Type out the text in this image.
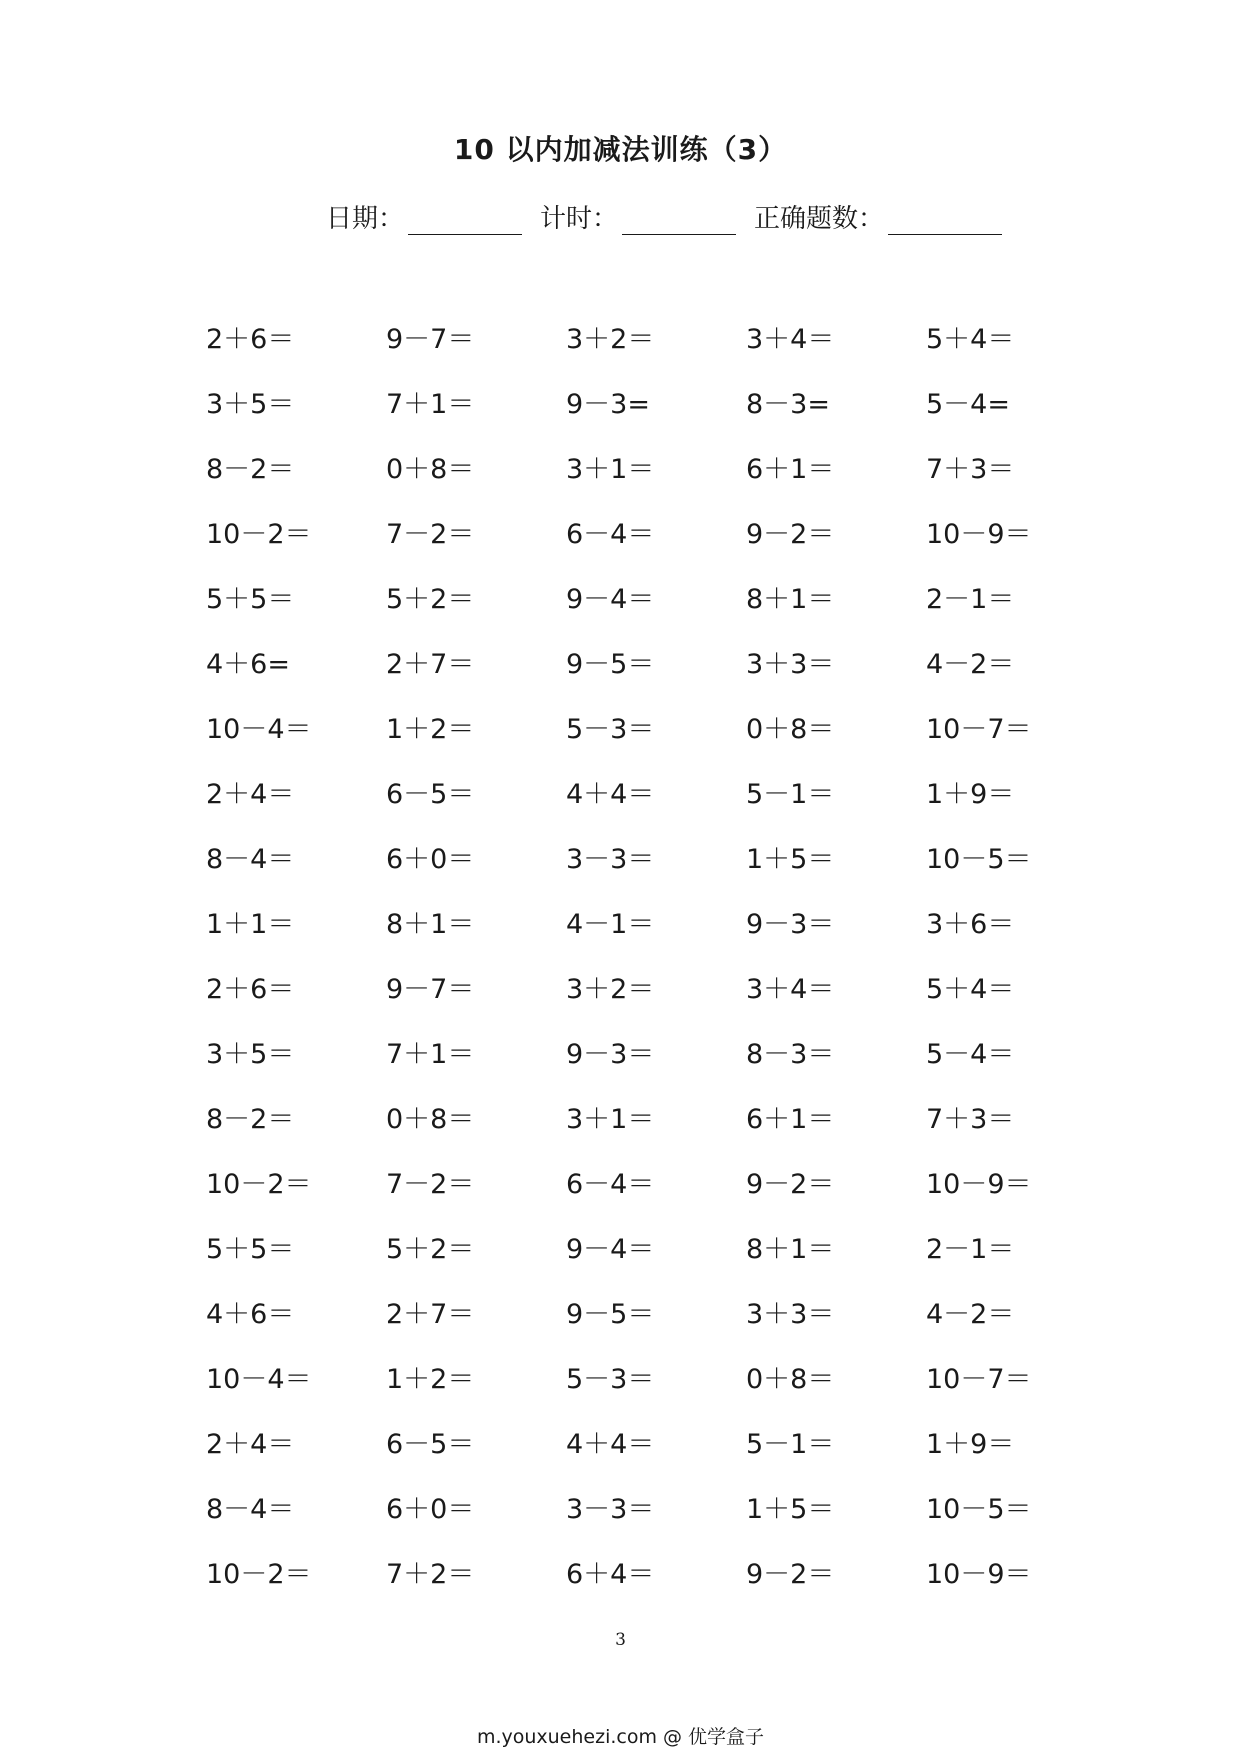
10 以内加减法训练（3）
日期：	计时：	正确题数：
2＋6＝	9－7＝	3＋2＝	3＋4＝	5＋4＝
3＋5＝	7＋1＝	9－3=	8－3=	5－4=
8－2＝	0＋8＝	3＋1＝	6＋1＝	7＋3＝
10－2＝	7－2＝	6－4＝	9－2＝	10－9＝
5＋5＝	5＋2＝	9－4＝	8＋1＝	2－1＝
4＋6=	2＋7＝	9－5＝	3＋3＝	4－2＝
10－4＝	1＋2＝	5－3＝	0＋8＝	10－7＝
2＋4＝	6－5＝	4＋4＝	5－1＝	1＋9＝
8－4＝	6＋0＝	3－3＝	1＋5＝	10－5＝
1＋1＝	8＋1＝	4－1＝	9－3＝	3＋6＝
2＋6＝	9－7＝	3＋2＝	3＋4＝	5＋4＝
3＋5＝	7＋1＝	9－3＝	8－3＝	5－4＝
8－2＝	0＋8＝	3＋1＝	6＋1＝	7＋3＝
10－2＝	7－2＝	6－4＝	9－2＝	10－9＝
5＋5＝	5＋2＝	9－4＝	8＋1＝	2－1＝
4＋6＝	2＋7＝	9－5＝	3＋3＝	4－2＝
10－4＝	1＋2＝	5－3＝	0＋8＝	10－7＝
2＋4＝	6－5＝	4＋4＝	5－1＝	1＋9＝
8－4＝	6＋0＝	3－3＝	1＋5＝	10－5＝
10－2＝	7＋2＝	6＋4＝	9－2＝	10－9＝
3
m.youxuehezi.com @ 优学盒子
